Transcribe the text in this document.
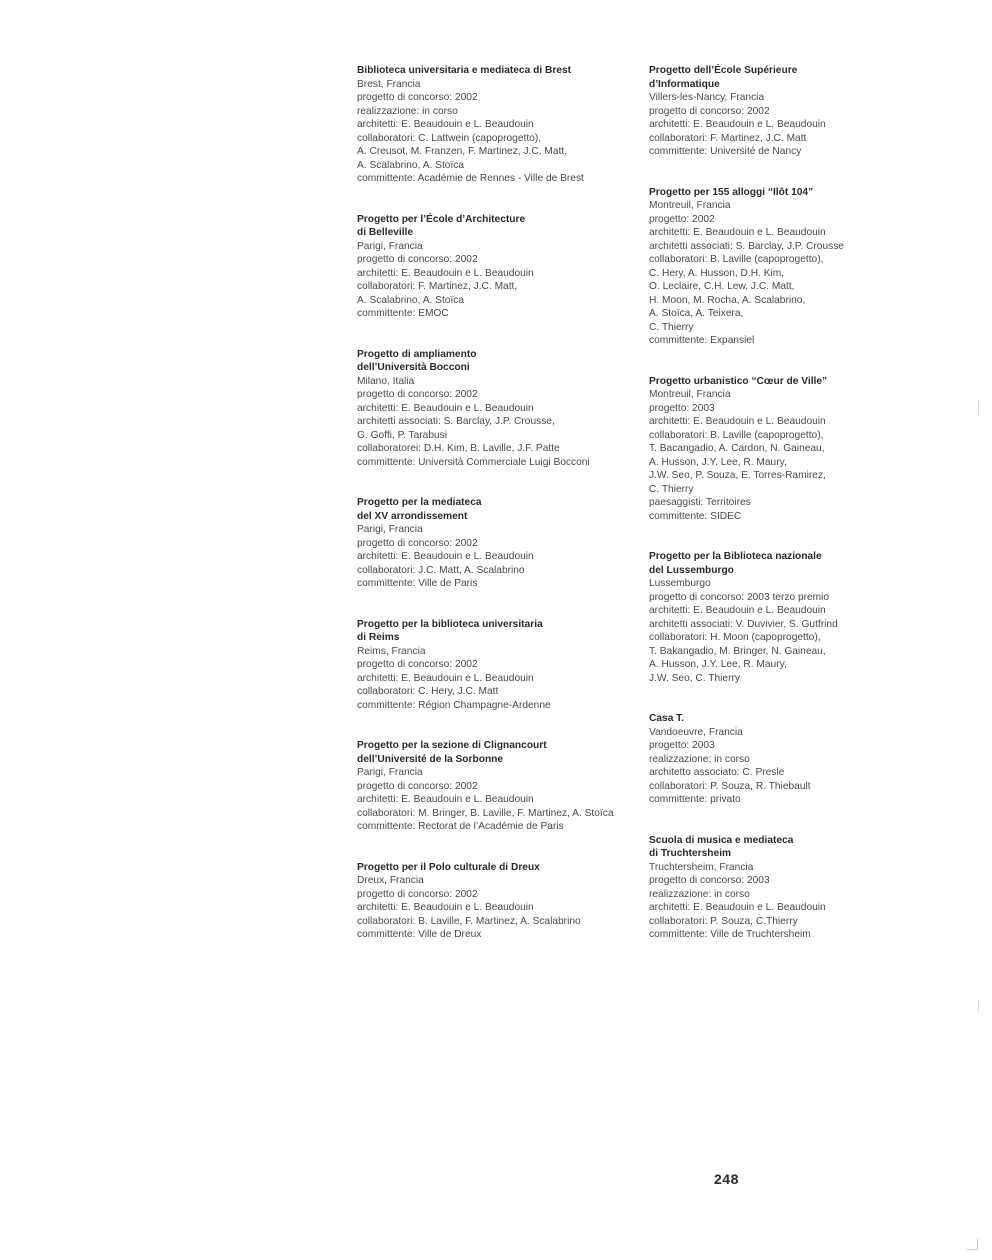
Biblioteca universitaria e mediateca di Brest

Brest, Francia

progetto di concorso: 2002

realizzazione: in corso

architetti: E. Beaudouin e L. Beaudouin

collaboratori: C. Lattwein (capoprogetto),

A. Creusot, M. Franzen, F. Martinez, J.C. Matt,

A. Scalabrino, A. Stoïca

committente: Académie de Rennes - Ville de Brest

Progetto per l’École d’Architecture
di Belleville

Parigi, Francia

progetto di concorso: 2002

architetti: E. Beaudouin e L. Beaudouin

collaboratori: F. Martinez, J.C. Matt,

A. Scalabrino, A. Stoïca

committente: EMOC

Progetto di ampliamento
dell’Università Bocconi

Milano, Italia

progetto di concorso: 2002

architetti: E. Beaudouin e L. Beaudouin

architetti associati: S. Barclay, J.P. Crousse,

G. Goffi, P. Tarabusi

collaboratorei: D.H. Kim, B. Laville, J.F. Patte

committente: Università Commerciale Luigi Bocconi

Progetto per la mediateca
del XV arrondissement

Parigi, Francia

progetto di concorso: 2002

architetti: E. Beaudouin e L. Beaudouin

collaboratori: J.C. Matt, A. Scalabrino

committente: Ville de Paris

Progetto per la biblioteca universitaria
di Reims

Reims, Francia

progetto di concorso: 2002

architetti: E. Beaudouin e L. Beaudouin

collaboratori: C. Hery, J.C. Matt

committente: Région Champagne-Ardenne

Progetto per la sezione di Clignancourt
dell’Université de la Sorbonne

Parigi, Francia

progetto di concorso: 2002

architetti: E. Beaudouin e L. Beaudouin

collaboratori: M. Bringer, B. Laville, F. Martinez, A. Stoïca

committente: Rectorat de l’Académie de Paris

Progetto per il Polo culturale di Dreux

Dreux, Francia

progetto di concorso: 2002

architetti: E. Beaudouin e L. Beaudouin

collaboratori: B. Laville, F. Martinez, A. Scalabrino

committente: Ville de Dreux

Progetto dell’École Supérieure
d’Informatique

Villers-les-Nancy, Francia

progetto di concorso: 2002

architetti: E. Beaudouin e L. Beaudouin

collaboratori: F. Martinez, J.C. Matt

committente: Université de Nancy

Progetto per 155 alloggi “Ilôt 104”

Montreuil, Francia

progetto: 2002

architetti: E. Beaudouin e L. Beaudouin

architetti associati: S. Barclay, J.P. Crousse

collaboratori: B. Laville (capoprogetto),

C. Hery, A. Husson, D.H. Kim,

O. Leclaire, C.H. Lew, J.C. Matt,

H. Moon, M. Rocha, A. Scalabrino,

A. Stoïca, A. Teixera,

C. Thierry

committente: Expansiel

Progetto urbanistico “Cœur de Ville”

Montreuil, Francia

progetto: 2003

architetti: E. Beaudouin e L. Beaudouin

collaboratori: B. Laville (capoprogetto),

T. Bacangadio, A. Cardon, N. Gaineau,

A. Husson, J.Y. Lee, R. Maury,

J.W. Seo, P. Souza, E. Torres-Ramirez,

C. Thierry

paesaggisti: Territoires

committente: SIDEC

Progetto per la Biblioteca nazionale
del Lussemburgo

Lussemburgo

progetto di concorso: 2003 terzo premio

architetti: E. Beaudouin e L. Beaudouin

architetti associati: V. Duvivier, S. Gutfrind

collaboratori: H. Moon (capoprogetto),

T. Bakangadio, M. Bringer, N. Gaineau,

A. Husson, J.Y. Lee, R. Maury,

J.W. Seo, C. Thierry

Casa T.

Vandoeuvre, Francia

progetto: 2003

realizzazione: in corso

architetto associato: C. Presle

collaboratori: P. Souza, R. Thiebault

committente: privato

Scuola di musica e mediateca
di Truchtersheim

Truchtersheim, Francia

progetto di concorso: 2003

realizzazione: in corso

architetti: E. Beaudouin e L. Beaudouin

collaboratori: P. Souza, C.Thierry

committente: Ville de Truchtersheim

248
